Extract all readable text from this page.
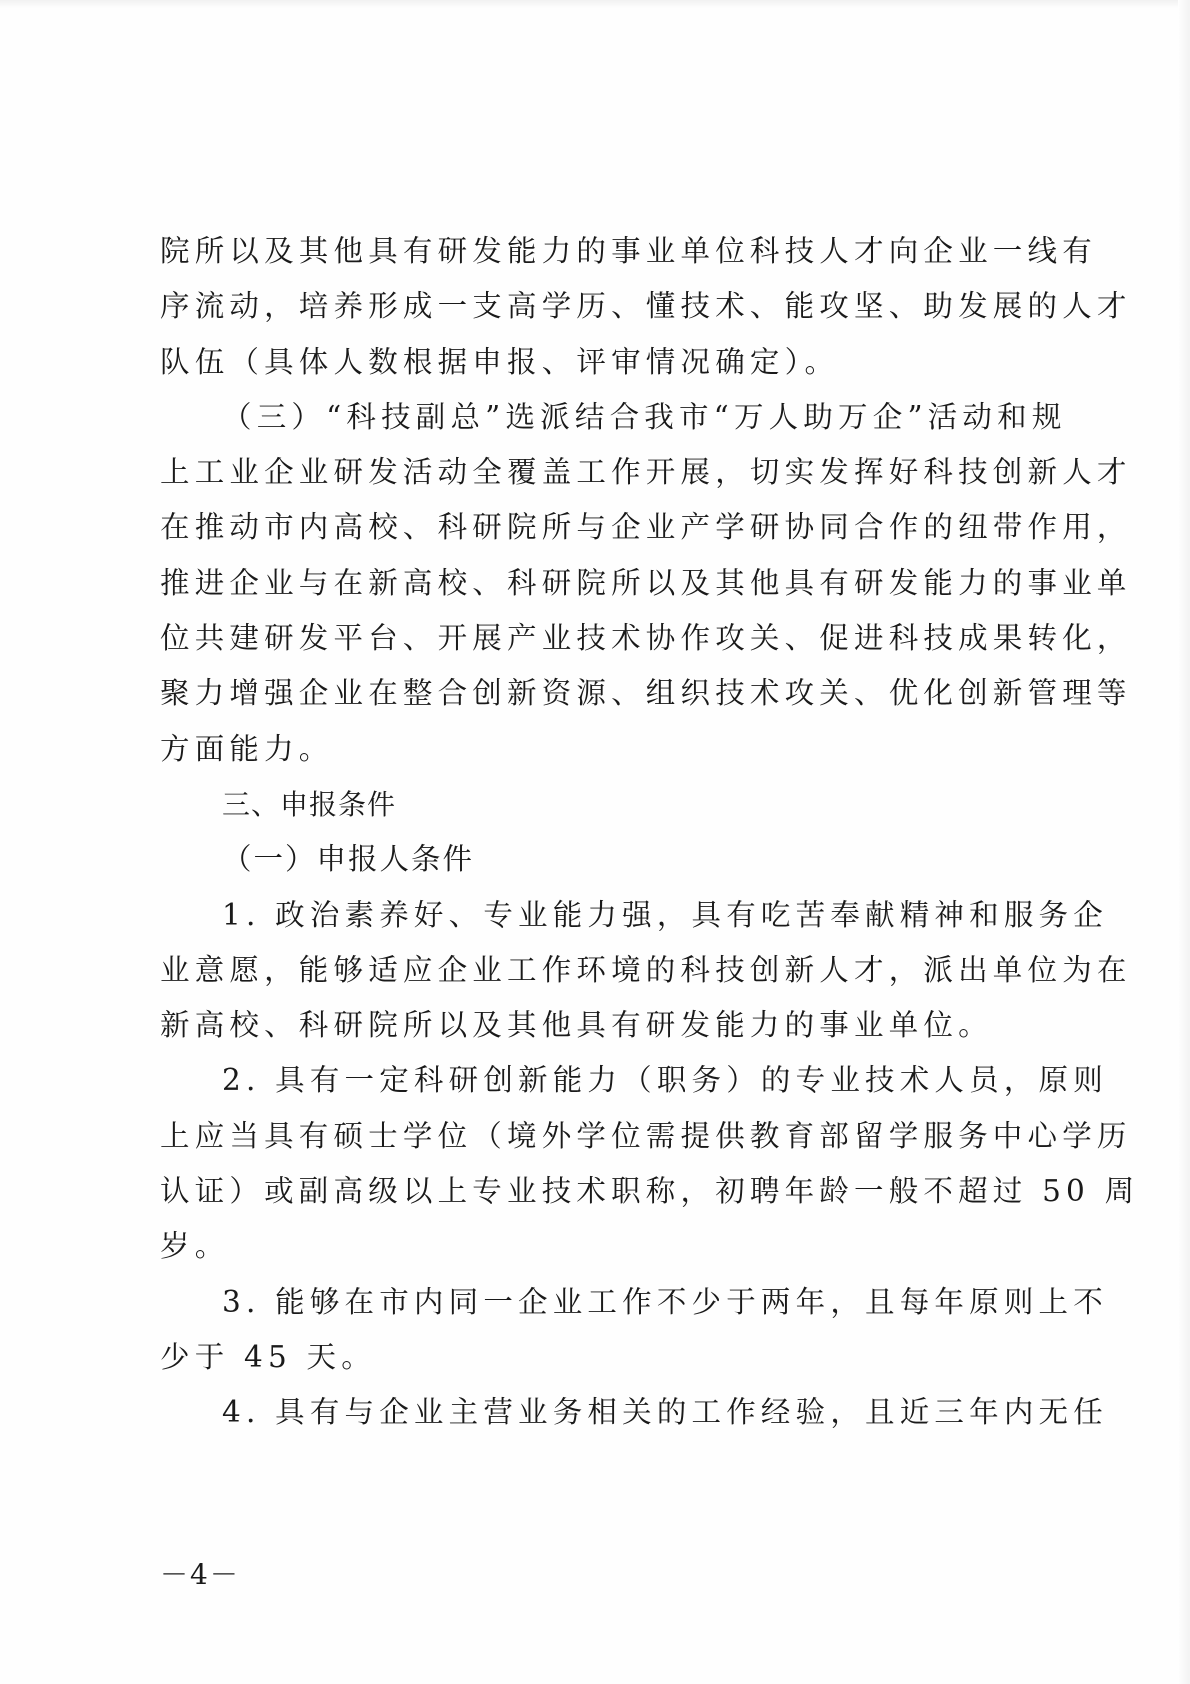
院所以及其他具有研发能力的事业单位科技人才向企业一线有

序流动，培养形成一支高学历、懂技术、能攻坚、助发展的人才

队伍（具体人数根据申报、评审情况确定）。

（三）“科技副总”选派结合我市“万人助万企”活动和规

上工业企业研发活动全覆盖工作开展，切实发挥好科技创新人才

在推动市内高校、科研院所与企业产学研协同合作的纽带作用，

推进企业与在新高校、科研院所以及其他具有研发能力的事业单

位共建研发平台、开展产业技术协作攻关、促进科技成果转化，

聚力增强企业在整合创新资源、组织技术攻关、优化创新管理等

方面能力。

三、申报条件

（一）申报人条件

1. 政治素养好、专业能力强，具有吃苦奉献精神和服务企

业意愿，能够适应企业工作环境的科技创新人才，派出单位为在

新高校、科研院所以及其他具有研发能力的事业单位。

2. 具有一定科研创新能力（职务）的专业技术人员，原则

上应当具有硕士学位（境外学位需提供教育部留学服务中心学历

认证）或副高级以上专业技术职称，初聘年龄一般不超过 50 周

岁。

3. 能够在市内同一企业工作不少于两年，且每年原则上不

少于 45 天。

4. 具有与企业主营业务相关的工作经验，且近三年内无任

－4－
